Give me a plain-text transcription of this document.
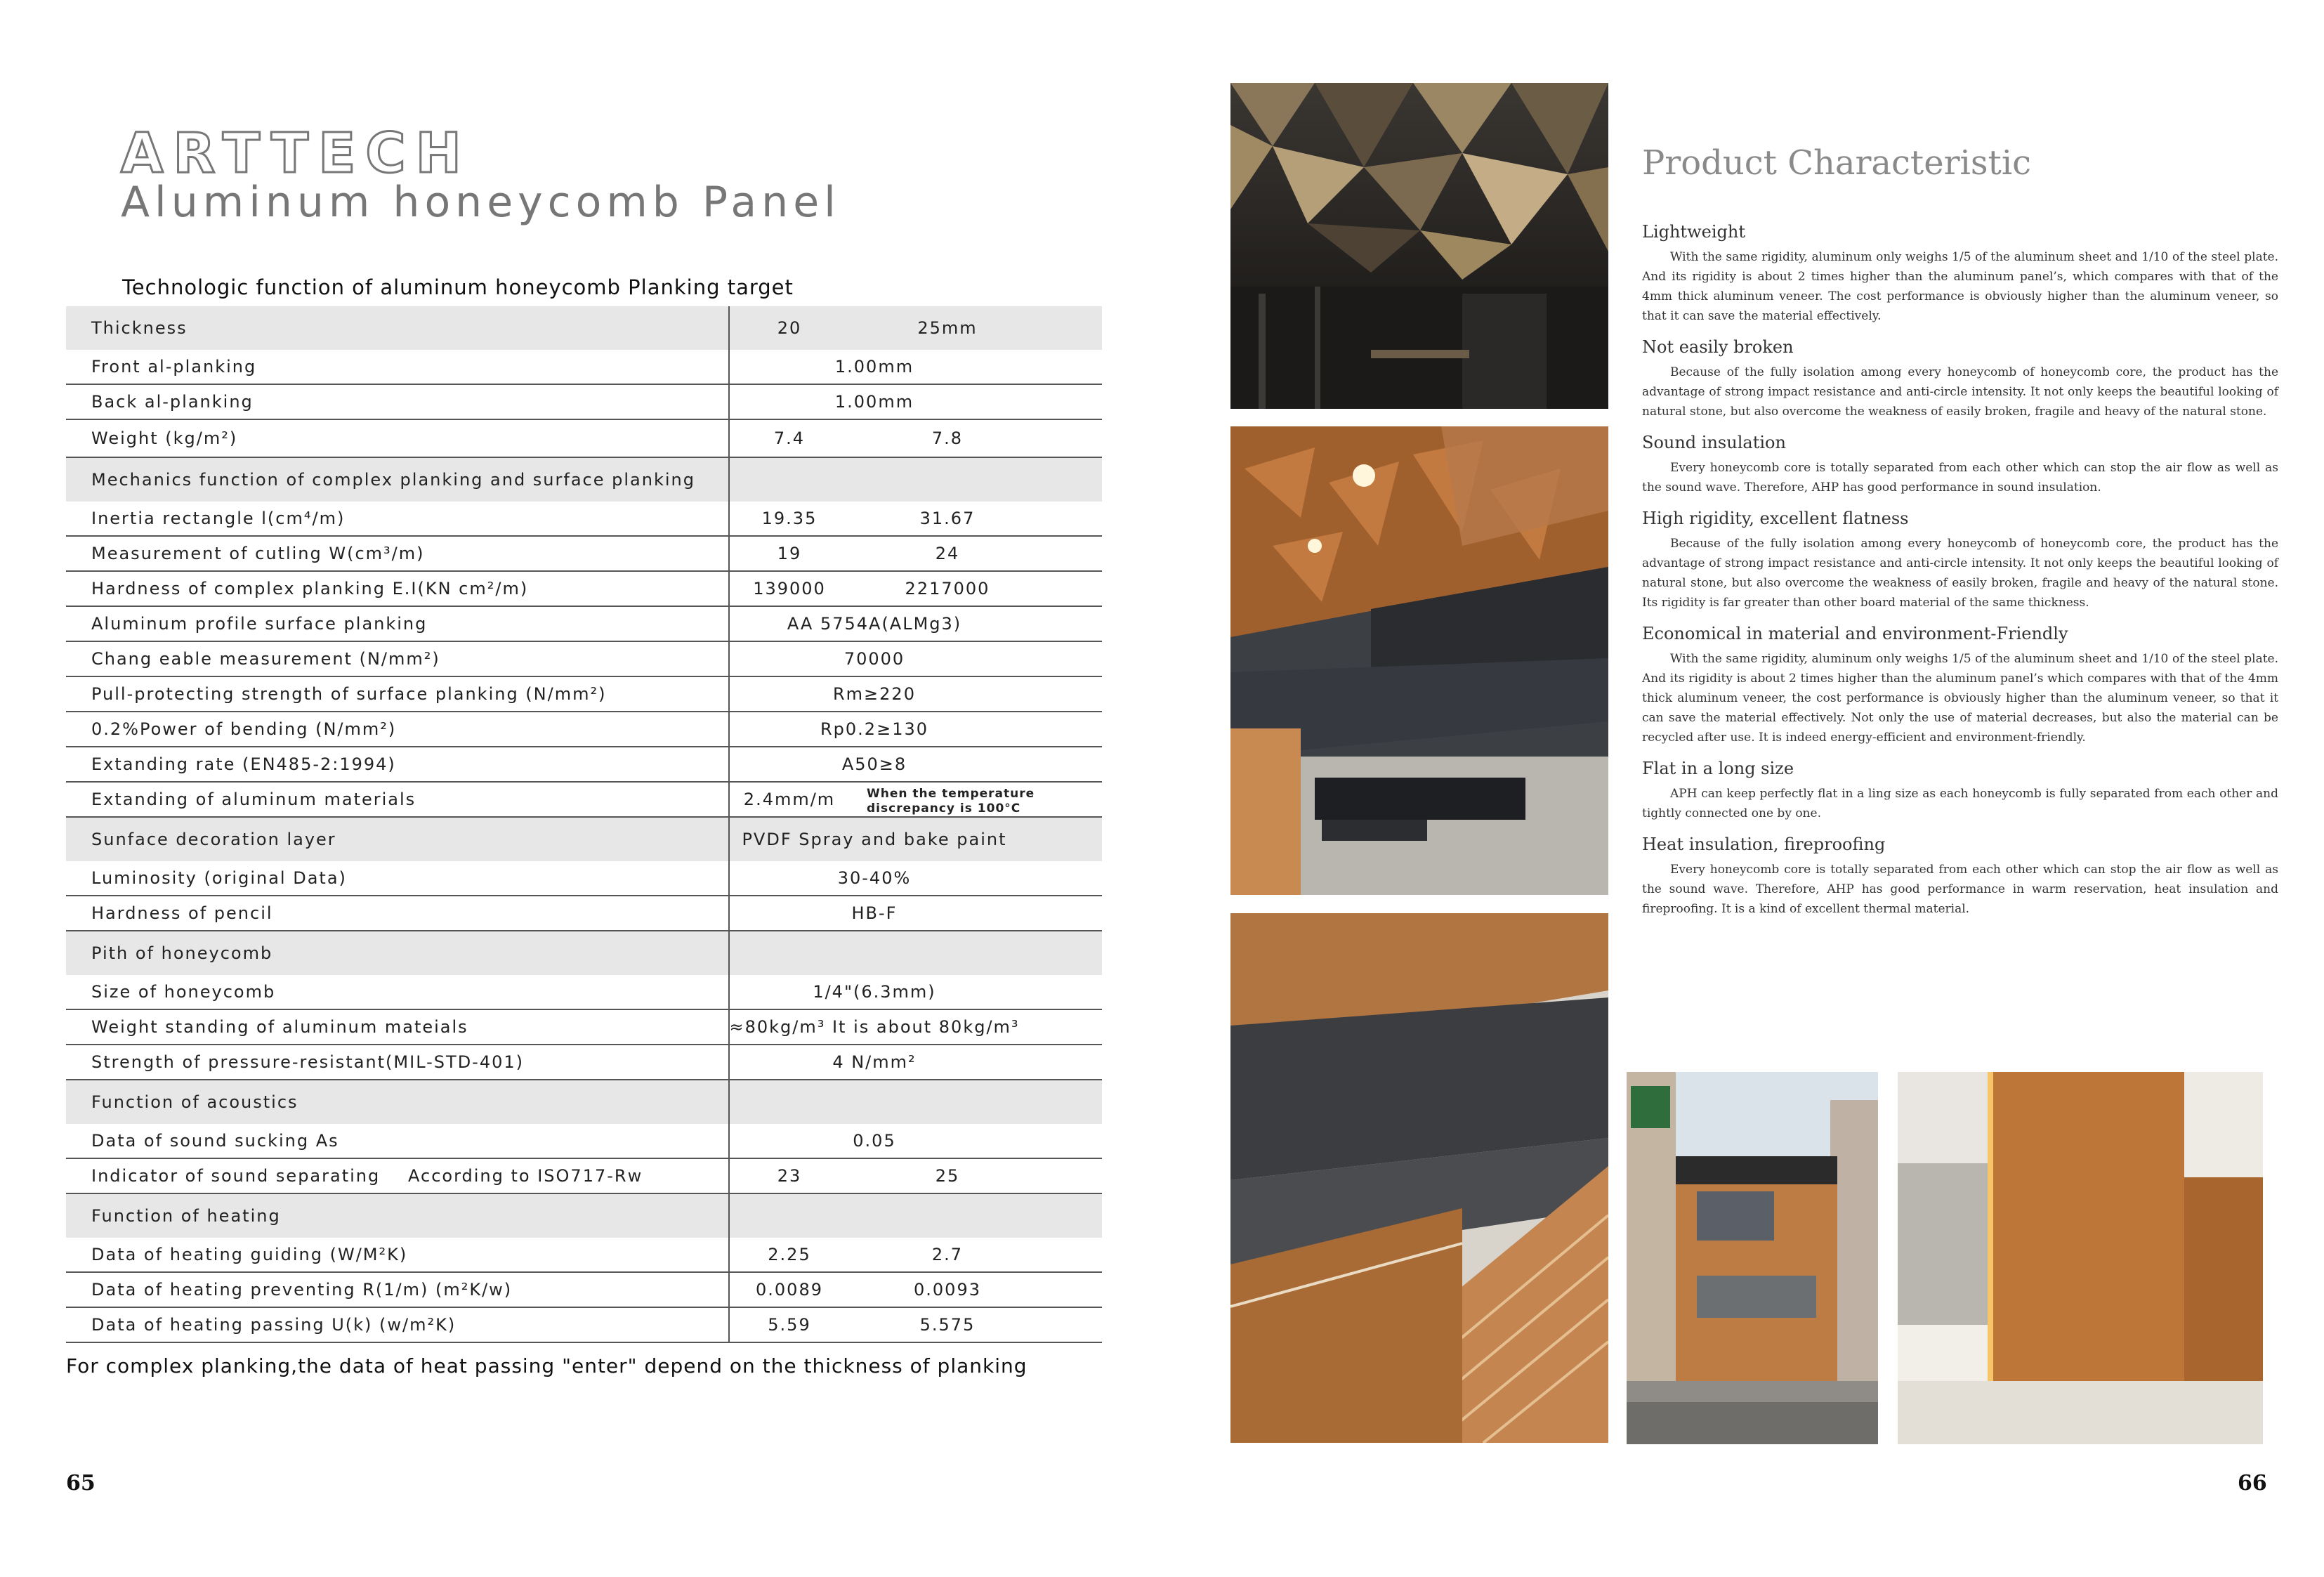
ARTTECH
Aluminum honeycomb Panel
Technologic function of aluminum honeycomb Planking target
Thickness	20	25mm
Front al-planking	1.00mm
Back al-planking	1.00mm
Weight (kg/m²)	7.4	7.8
Mechanics function of complex planking and surface planking
Inertia rectangle l(cm⁴/m)	19.35	31.67
Measurement of cutling W(cm³/m)	19	24
Hardness of complex planking E.I(KN cm²/m)	139000	2217000
Aluminum profile surface planking	AA 5754A(ALMg3)
Chang eable measurement (N/mm²)	70000
Pull-protecting strength of surface planking (N/mm²)	Rm≥220
0.2%Power of bending (N/mm²)	Rp0.2≥130
Extanding rate (EN485-2:1994)	A50≥8
Extanding of aluminum materials	2.4mm/m	When the temperature
discrepancy is 100°C
Sunface decoration layer	PVDF Spray and bake paint
Luminosity (original Data)	30-40%
Hardness of pencil	HB-F
Pith of honeycomb
Size of honeycomb	1/4"(6.3mm)
Weight standing of aluminum mateials	≈80kg/m³ It is about 80kg/m³
Strength of pressure-resistant(MIL-STD-401)	4 N/mm²
Function of acoustics
Data of sound sucking As	0.05
Indicator of sound separating According to ISO717-Rw	23	25
Function of heating
Data of heating guiding (W/M²K)	2.25	2.7
Data of heating preventing R(1/m) (m²K/w)	0.0089	0.0093
Data of heating passing U(k) (w/m²K)	5.59	5.575
For complex planking,the data of heat passing "enter" depend on the thickness of planking
65
Product Characteristic
Lightweight
With the same rigidity, aluminum only weighs 1/5 of the aluminum sheet and 1/10 of the steel plate. And its rigidity is about 2 times higher than the aluminum panel’s, which compares with that of the 4mm thick aluminum veneer. The cost performance is obviously higher than the aluminum veneer, so that it can save the material effectively.
Not easily broken
Because of the fully isolation among every honeycomb of honeycomb core, the product has the advantage of strong impact resistance and anti-circle intensity. It not only keeps the beautiful looking of natural stone, but also overcome the weakness of easily broken, fragile and heavy of the natural stone.
Sound insulation
Every honeycomb core is totally separated from each other which can stop the air flow as well as the sound wave. Therefore, AHP has good performance in sound insulation.
High rigidity, excellent flatness
Because of the fully isolation among every honeycomb of honeycomb core, the product has the advantage of strong impact resistance and anti-circle intensity. It not only keeps the beautiful looking of natural stone, but also overcome the weakness of easily broken, fragile and heavy of the natural stone. Its rigidity is far greater than other board material of the same thickness.
Economical in material and environment-Friendly
With the same rigidity, aluminum only weighs 1/5 of the aluminum sheet and 1/10 of the steel plate. And its rigidity is about 2 times higher than the aluminum panel’s which compares with that of the 4mm thick aluminum veneer, the cost performance is obviously higher than the aluminum veneer, so that it can save the material effectively. Not only the use of material decreases, but also the material can be recycled after use. It is indeed energy-efficient and environment-friendly.
Flat in a long size
APH can keep perfectly flat in a ling size as each honeycomb is fully separated from each other and tightly connected one by one.
Heat insulation, fireproofing
Every honeycomb core is totally separated from each other which can stop the air flow as well as the sound wave. Therefore, AHP has good performance in warm reservation, heat insulation and fireproofing. It is a kind of excellent thermal material.
66
